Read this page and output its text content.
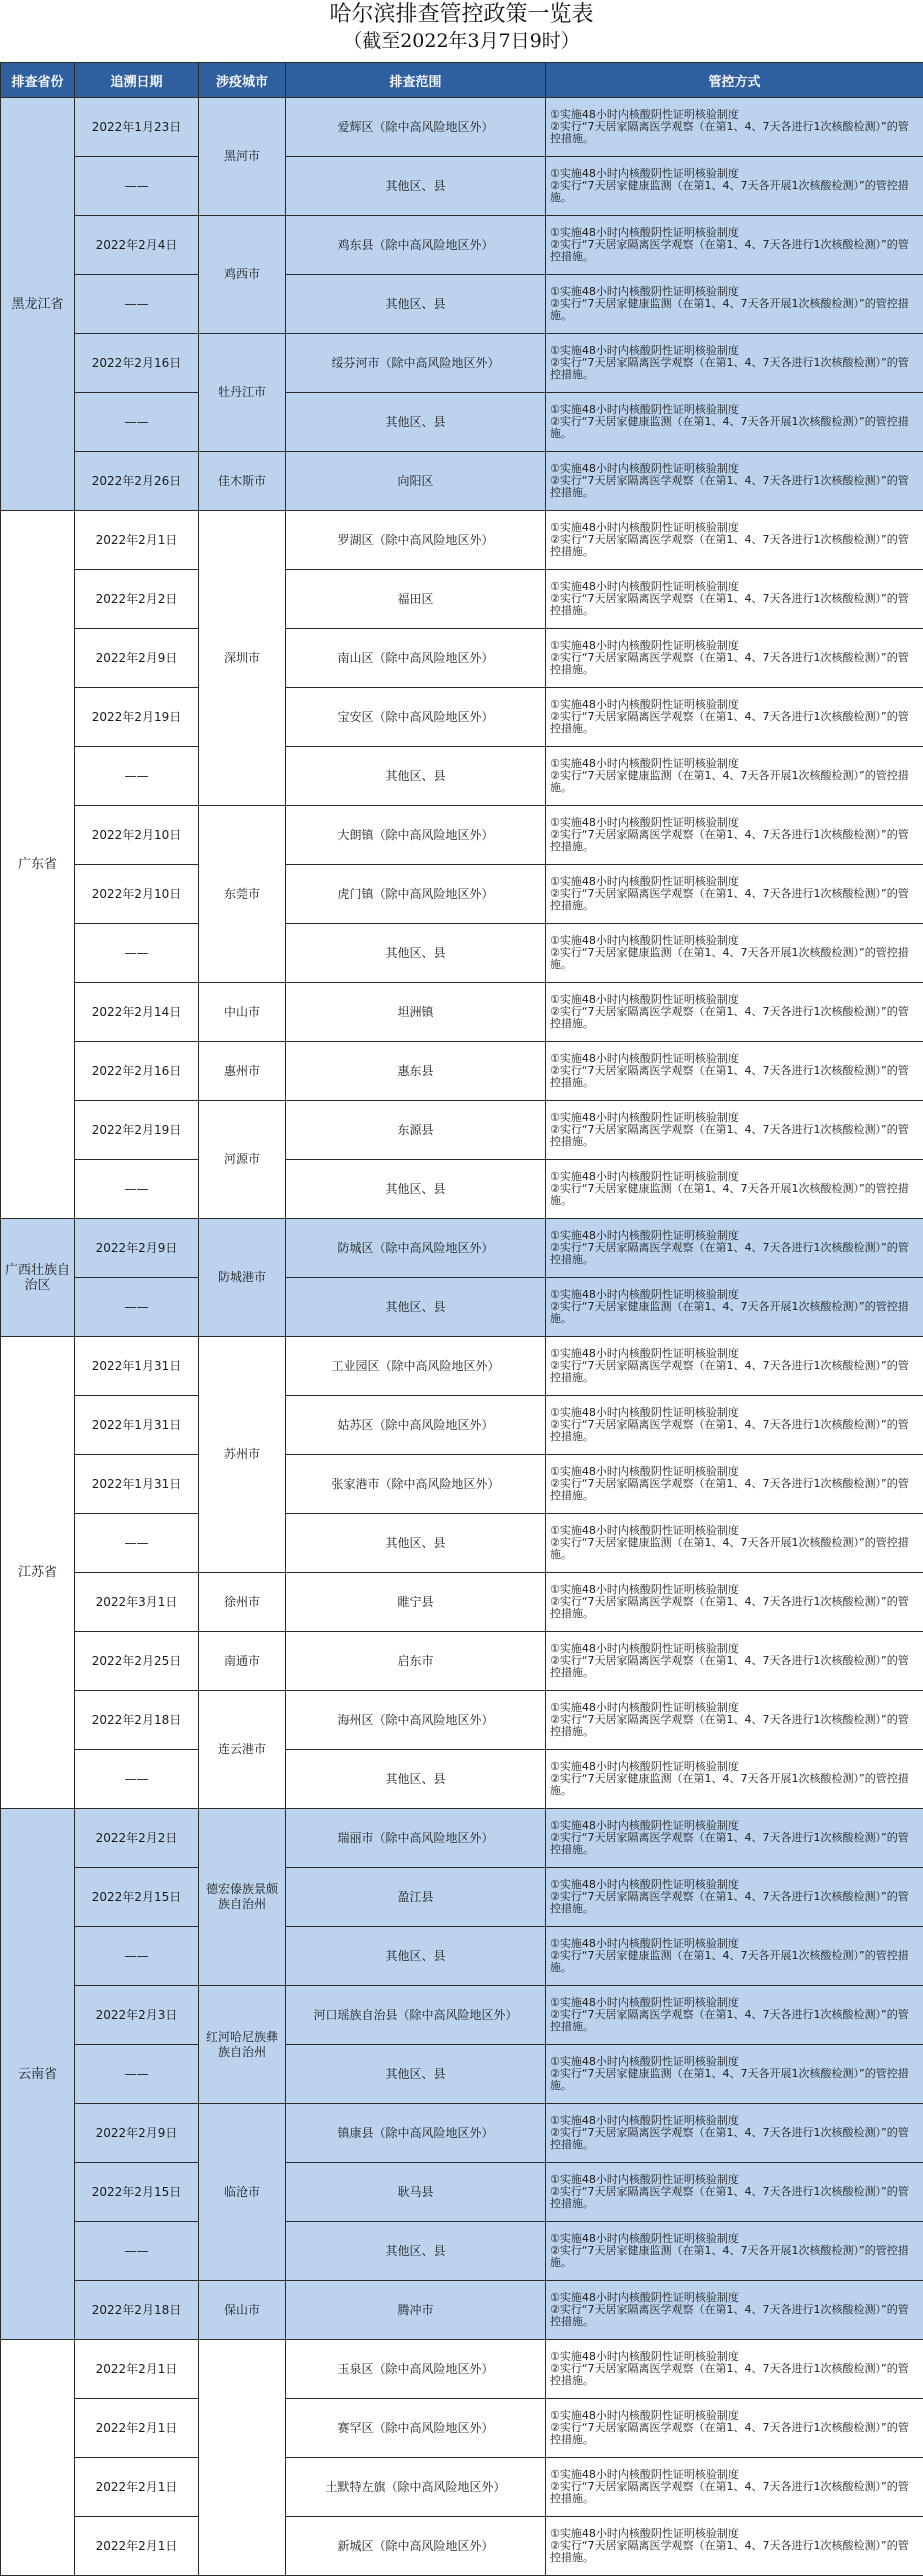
哈尔滨排查管控政策一览表
（截至2022年3月7日9时）
排查省份	追溯日期	涉疫城市	排查范围	管控方式
黑龙江省	2022年1月23日	黑河市	爱辉区（除中高风险地区外）	①实施48小时内核酸阴性证明核验制度
②实行“7天居家隔离医学观察（在第1、4、7天各进行1次核酸检测）”的管控措施。
	——		其他区、县	①实施48小时内核酸阴性证明核验制度
②实行“7天居家健康监测（在第1、4、7天各开展1次核酸检测）”的管控措施。
	2022年2月4日	鸡西市	鸡东县（除中高风险地区外）	①实施48小时内核酸阴性证明核验制度
②实行“7天居家隔离医学观察（在第1、4、7天各进行1次核酸检测）”的管控措施。
	——		其他区、县	①实施48小时内核酸阴性证明核验制度
②实行“7天居家健康监测（在第1、4、7天各开展1次核酸检测）”的管控措施。
	2022年2月16日	牡丹江市	绥芬河市（除中高风险地区外）	①实施48小时内核酸阴性证明核验制度
②实行“7天居家隔离医学观察（在第1、4、7天各进行1次核酸检测）”的管控措施。
	——		其他区、县	①实施48小时内核酸阴性证明核验制度
②实行“7天居家健康监测（在第1、4、7天各开展1次核酸检测）”的管控措施。
	2022年2月26日	佳木斯市	向阳区	①实施48小时内核酸阴性证明核验制度
②实行“7天居家隔离医学观察（在第1、4、7天各进行1次核酸检测）”的管控措施。
广东省	2022年2月1日	深圳市	罗湖区（除中高风险地区外）	①实施48小时内核酸阴性证明核验制度
②实行“7天居家隔离医学观察（在第1、4、7天各进行1次核酸检测）”的管控措施。
	2022年2月2日		福田区	①实施48小时内核酸阴性证明核验制度
②实行“7天居家隔离医学观察（在第1、4、7天各进行1次核酸检测）”的管控措施。
	2022年2月9日		南山区（除中高风险地区外）	①实施48小时内核酸阴性证明核验制度
②实行“7天居家隔离医学观察（在第1、4、7天各进行1次核酸检测）”的管控措施。
	2022年2月19日		宝安区（除中高风险地区外）	①实施48小时内核酸阴性证明核验制度
②实行“7天居家隔离医学观察（在第1、4、7天各进行1次核酸检测）”的管控措施。
	——		其他区、县	①实施48小时内核酸阴性证明核验制度
②实行“7天居家健康监测（在第1、4、7天各开展1次核酸检测）”的管控措施。
	2022年2月10日	东莞市	大朗镇（除中高风险地区外）	①实施48小时内核酸阴性证明核验制度
②实行“7天居家隔离医学观察（在第1、4、7天各进行1次核酸检测）”的管控措施。
	2022年2月10日		虎门镇（除中高风险地区外）	①实施48小时内核酸阴性证明核验制度
②实行“7天居家隔离医学观察（在第1、4、7天各进行1次核酸检测）”的管控措施。
	——		其他区、县	①实施48小时内核酸阴性证明核验制度
②实行“7天居家健康监测（在第1、4、7天各开展1次核酸检测）”的管控措施。
	2022年2月14日	中山市	坦洲镇	①实施48小时内核酸阴性证明核验制度
②实行“7天居家隔离医学观察（在第1、4、7天各进行1次核酸检测）”的管控措施。
	2022年2月16日	惠州市	惠东县	①实施48小时内核酸阴性证明核验制度
②实行“7天居家隔离医学观察（在第1、4、7天各进行1次核酸检测）”的管控措施。
	2022年2月19日	河源市	东源县	①实施48小时内核酸阴性证明核验制度
②实行“7天居家隔离医学观察（在第1、4、7天各进行1次核酸检测）”的管控措施。
	——		其他区、县	①实施48小时内核酸阴性证明核验制度
②实行“7天居家健康监测（在第1、4、7天各开展1次核酸检测）”的管控措施。
广西壮族自治区	2022年2月9日	防城港市	防城区（除中高风险地区外）	①实施48小时内核酸阴性证明核验制度
②实行“7天居家隔离医学观察（在第1、4、7天各进行1次核酸检测）”的管控措施。
	——		其他区、县	①实施48小时内核酸阴性证明核验制度
②实行“7天居家健康监测（在第1、4、7天各开展1次核酸检测）”的管控措施。
江苏省	2022年1月31日	苏州市	工业园区（除中高风险地区外）	①实施48小时内核酸阴性证明核验制度
②实行“7天居家隔离医学观察（在第1、4、7天各进行1次核酸检测）”的管控措施。
	2022年1月31日		姑苏区（除中高风险地区外）	①实施48小时内核酸阴性证明核验制度
②实行“7天居家隔离医学观察（在第1、4、7天各进行1次核酸检测）”的管控措施。
	2022年1月31日		张家港市（除中高风险地区外）	①实施48小时内核酸阴性证明核验制度
②实行“7天居家隔离医学观察（在第1、4、7天各进行1次核酸检测）”的管控措施。
	——		其他区、县	①实施48小时内核酸阴性证明核验制度
②实行“7天居家健康监测（在第1、4、7天各开展1次核酸检测）”的管控措施。
	2022年3月1日	徐州市	睢宁县	①实施48小时内核酸阴性证明核验制度
②实行“7天居家隔离医学观察（在第1、4、7天各进行1次核酸检测）”的管控措施。
	2022年2月25日	南通市	启东市	①实施48小时内核酸阴性证明核验制度
②实行“7天居家隔离医学观察（在第1、4、7天各进行1次核酸检测）”的管控措施。
	2022年2月18日	连云港市	海州区（除中高风险地区外）	①实施48小时内核酸阴性证明核验制度
②实行“7天居家隔离医学观察（在第1、4、7天各进行1次核酸检测）”的管控措施。
	——		其他区、县	①实施48小时内核酸阴性证明核验制度
②实行“7天居家健康监测（在第1、4、7天各开展1次核酸检测）”的管控措施。
云南省	2022年2月2日	德宏傣族景颇族自治州	瑞丽市（除中高风险地区外）	①实施48小时内核酸阴性证明核验制度
②实行“7天居家隔离医学观察（在第1、4、7天各进行1次核酸检测）”的管控措施。
	2022年2月15日		盈江县	①实施48小时内核酸阴性证明核验制度
②实行“7天居家隔离医学观察（在第1、4、7天各进行1次核酸检测）”的管控措施。
	——		其他区、县	①实施48小时内核酸阴性证明核验制度
②实行“7天居家健康监测（在第1、4、7天各开展1次核酸检测）”的管控措施。
	2022年2月3日	红河哈尼族彝族自治州	河口瑶族自治县（除中高风险地区外）	①实施48小时内核酸阴性证明核验制度
②实行“7天居家隔离医学观察（在第1、4、7天各进行1次核酸检测）”的管控措施。
	——		其他区、县	①实施48小时内核酸阴性证明核验制度
②实行“7天居家健康监测（在第1、4、7天各开展1次核酸检测）”的管控措施。
	2022年2月9日	临沧市	镇康县（除中高风险地区外）	①实施48小时内核酸阴性证明核验制度
②实行“7天居家隔离医学观察（在第1、4、7天各进行1次核酸检测）”的管控措施。
	2022年2月15日		耿马县	①实施48小时内核酸阴性证明核验制度
②实行“7天居家隔离医学观察（在第1、4、7天各进行1次核酸检测）”的管控措施。
	——		其他区、县	①实施48小时内核酸阴性证明核验制度
②实行“7天居家健康监测（在第1、4、7天各开展1次核酸检测）”的管控措施。
	2022年2月18日	保山市	腾冲市	①实施48小时内核酸阴性证明核验制度
②实行“7天居家隔离医学观察（在第1、4、7天各进行1次核酸检测）”的管控措施。
	2022年2月1日		玉泉区（除中高风险地区外）	①实施48小时内核酸阴性证明核验制度
②实行“7天居家隔离医学观察（在第1、4、7天各进行1次核酸检测）”的管控措施。
	2022年2月1日		赛罕区（除中高风险地区外）	①实施48小时内核酸阴性证明核验制度
②实行“7天居家隔离医学观察（在第1、4、7天各进行1次核酸检测）”的管控措施。
	2022年2月1日		土默特左旗（除中高风险地区外）	①实施48小时内核酸阴性证明核验制度
②实行“7天居家隔离医学观察（在第1、4、7天各进行1次核酸检测）”的管控措施。
	2022年2月1日		新城区（除中高风险地区外）	①实施48小时内核酸阴性证明核验制度
②实行“7天居家隔离医学观察（在第1、4、7天各进行1次核酸检测）”的管控措施。
